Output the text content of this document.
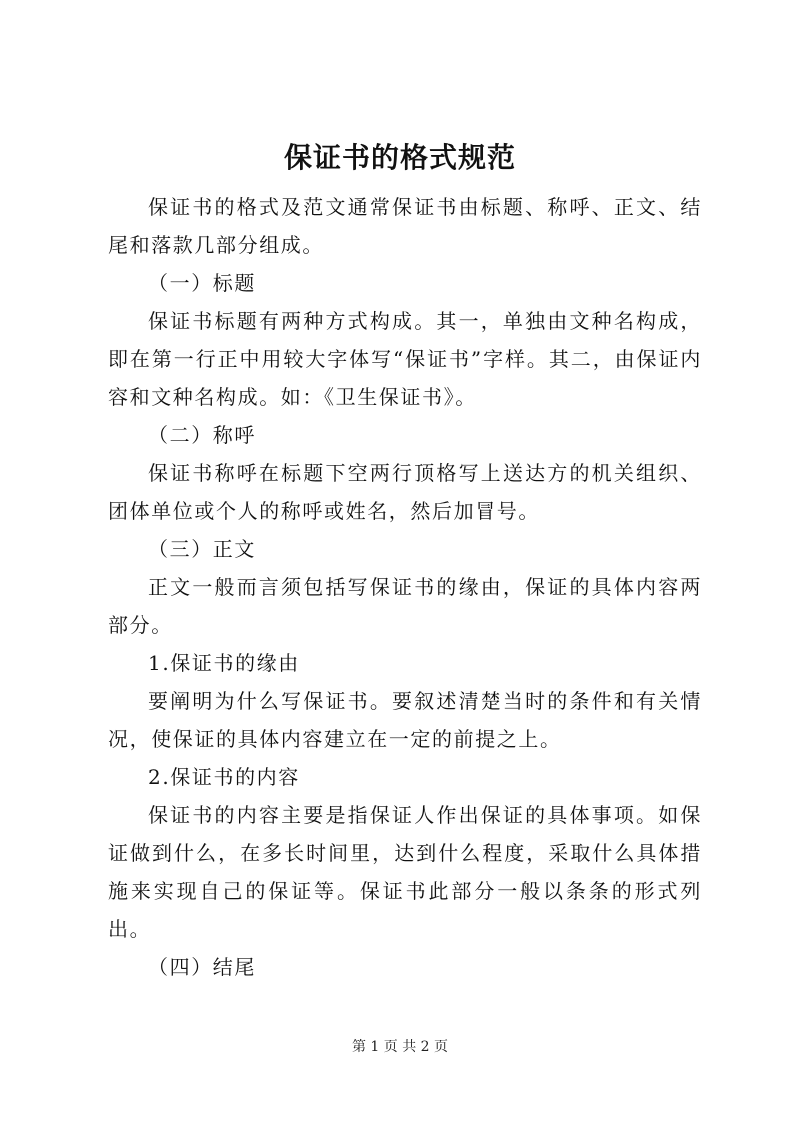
保证书的格式规范

保证书的格式及范文通常保证书由标题、称呼、正文、结尾和落款几部分组成。

（一）标题

保证书标题有两种方式构成。其一，单独由文种名构成，即在第一行正中用较大字体写“保证书”字样。其二，由保证内容和文种名构成。如：《卫生保证书》。

（二）称呼

保证书称呼在标题下空两行顶格写上送达方的机关组织、团体单位或个人的称呼或姓名，然后加冒号。

（三）正文

正文一般而言须包括写保证书的缘由，保证的具体内容两部分。

1.保证书的缘由

要阐明为什么写保证书。要叙述清楚当时的条件和有关情况，使保证的具体内容建立在一定的前提之上。

2.保证书的内容

保证书的内容主要是指保证人作出保证的具体事项。如保证做到什么，在多长时间里，达到什么程度，采取什么具体措施来实现自己的保证等。保证书此部分一般以条条的形式列出。

（四）结尾

第 1 页 共 2 页
